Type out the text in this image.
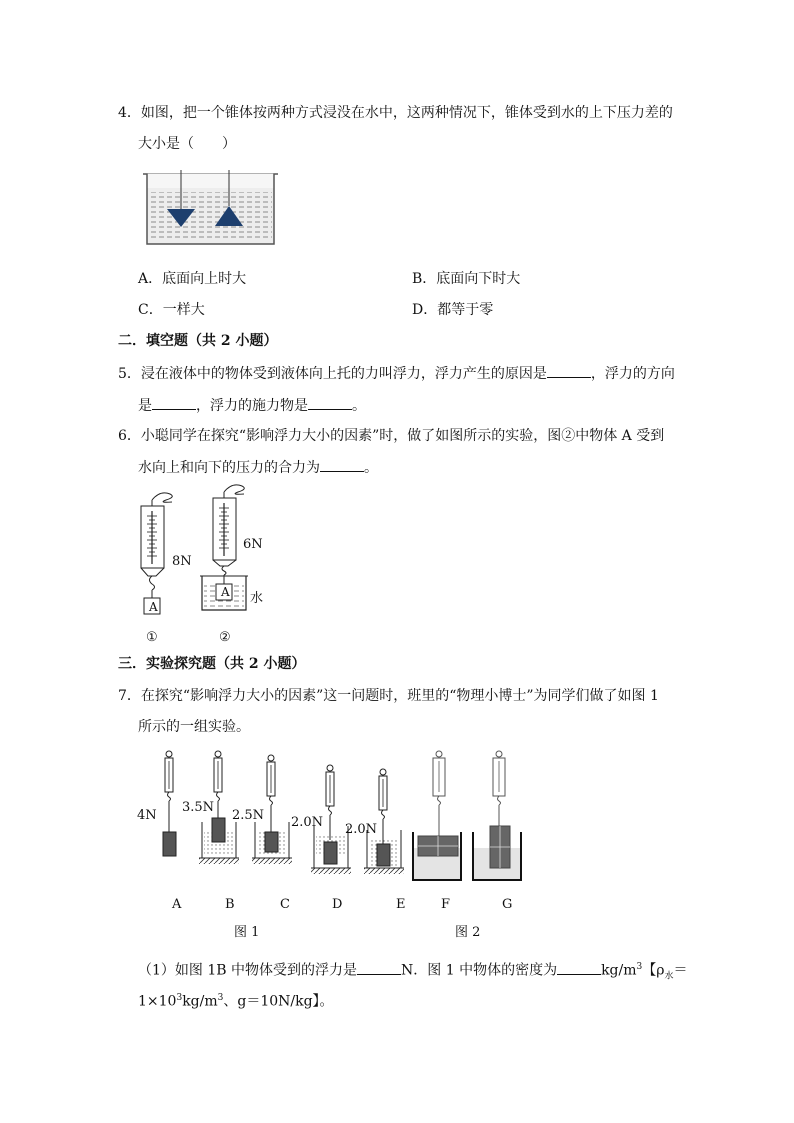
4．如图，把一个锥体按两种方式浸没在水中，这两种情况下，锥体受到水的上下压力差的
大小是（　　）
A．底面向上时大	B．底面向下时大
C．一样大	D．都等于零
二．填空题（共 2 小题）
5．浸在液体中的物体受到液体向上托的力叫浮力，浮力产生的原因是	，浮力的方向
是	，浮力的施力物是	。
6．小聪同学在探究“影响浮力大小的因素”时，做了如图所示的实验，图②中物体 A 受到
水向上和向下的压力的合力为	。
8N
6N
A
A 水
①	②
三．实验探究题（共 2 小题）
7．在探究“影响浮力大小的因素”这一问题时，班里的“物理小博士”为同学们做了如图 1
所示的一组实验。
4N
3.5N
2.5N 2.0N 2.0N
A	B	C	D	E	F	G
图 1	图 2
（1）如图 1B 中物体受到的浮力是	N．图 1 中物体的密度为	$kg/m^3$【$\rho_水=$
$1\times 10^3kg/m^3$、g＝10N/kg】。
